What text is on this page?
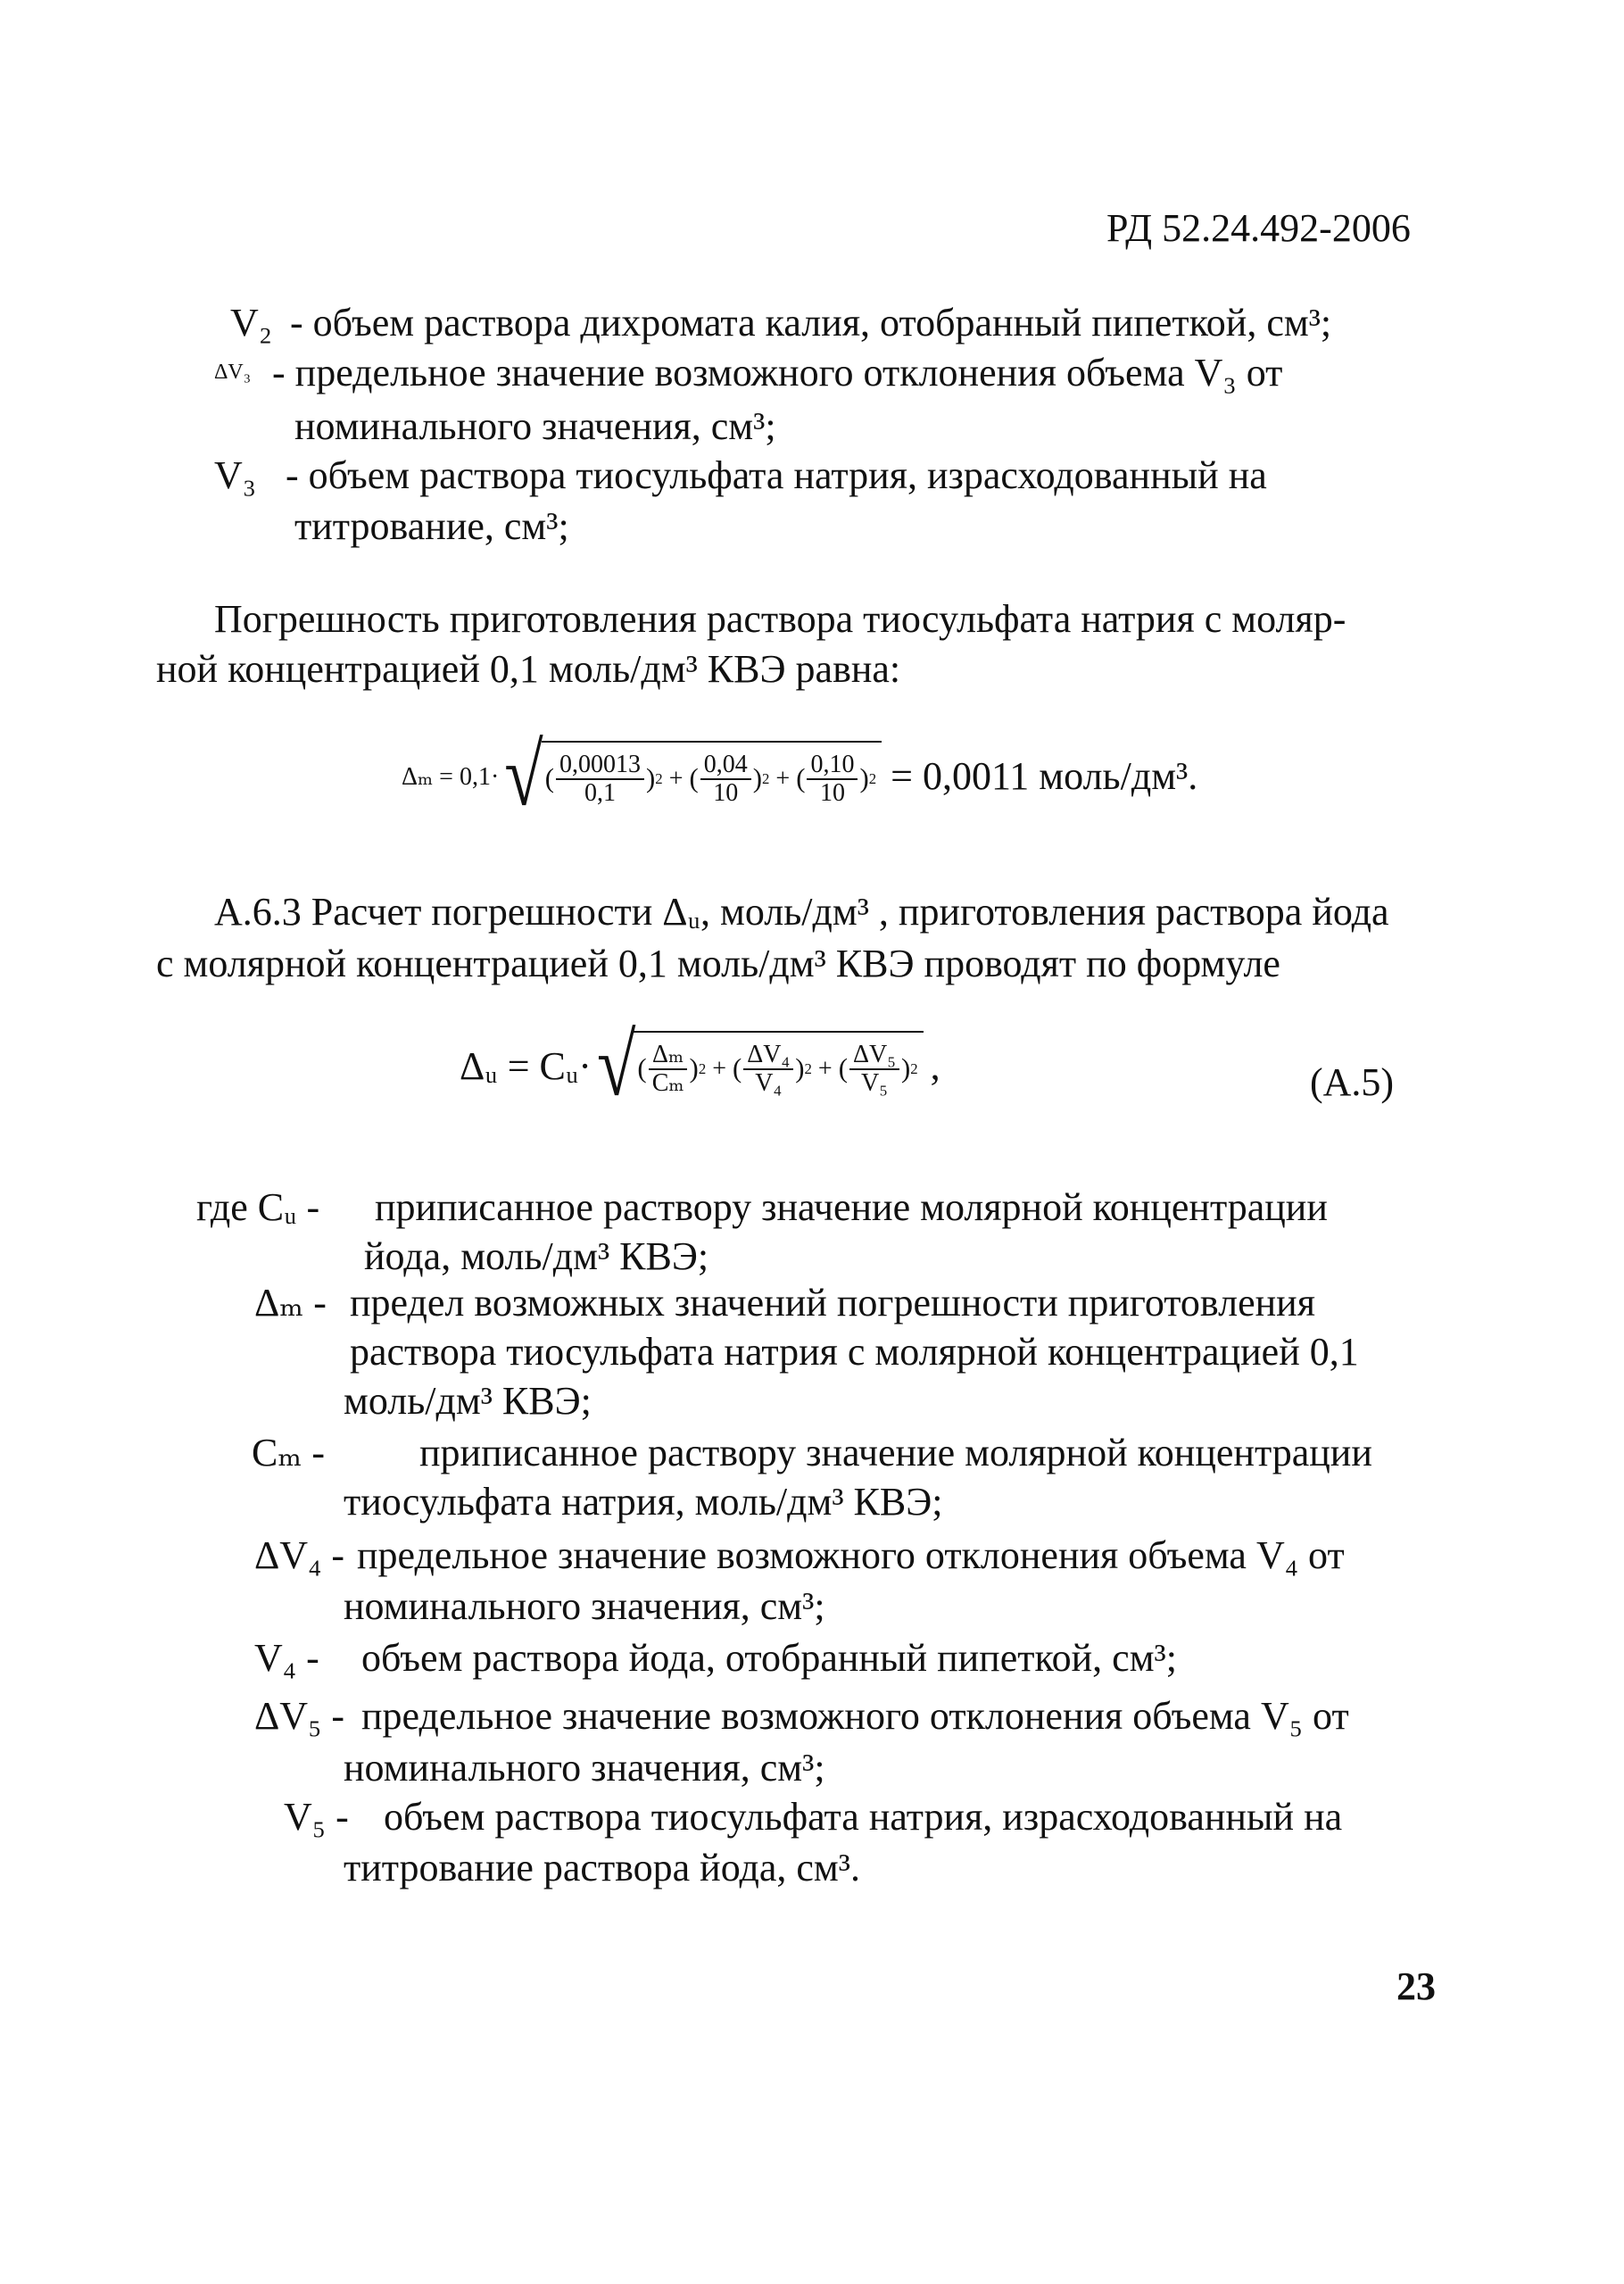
РД 52.24.492-2006
V₂ - объем раствора дихромата калия, отобранный пипеткой, см³;
ΔV₃ - предельное значение возможного отклонения объема V₃ от
номинального значения, см³;
V₃ - объем раствора тиосульфата натрия, израсходованный на
титрование, см³;
Погрешность приготовления раствора тиосульфата натрия с моляр-
ной концентрацией 0,1 моль/дм³ КВЭ равна:
Δₘ = 0,1· √ ( $\frac{0,00013}{0,1}$ ) 2 + ( $\frac{0,04}{10}$ ) 2 + ( $\frac{0,10}{10}$ ) 2 = 0,0011 моль/дм³.
А.6.3 Расчет погрешности Δᵤ, моль/дм³ , приготовления раствора йода
с молярной концентрацией 0,1 моль/дм³ КВЭ проводят по формуле
Δᵤ = Cᵤ· √ ( $\frac{\text{Δₘ}}{\text{Cₘ}}$ ) 2 + ( $\frac{\text{ΔV₄}}{\text{V₄}}$ ) 2 + ( $\frac{\text{ΔV₅}}{\text{V₅}}$ ) 2 ,	(А.5)
где Cᵤ - приписанное раствору значение молярной концентрации
йода, моль/дм³ КВЭ;
Δₘ - предел возможных значений погрешности приготовления
раствора тиосульфата натрия с молярной концентрацией 0,1
моль/дм³ КВЭ;
Cₘ - приписанное раствору значение молярной концентрации
тиосульфата натрия, моль/дм³ КВЭ;
ΔV₄ - предельное значение возможного отклонения объема V₄ от
номинального значения, см³;
V₄ - объем раствора йода, отобранный пипеткой, см³;
ΔV₅ - предельное значение возможного отклонения объема V₅ от
номинального значения, см³;
V₅ - объем раствора тиосульфата натрия, израсходованный на
титрование раствора йода, см³.
23
